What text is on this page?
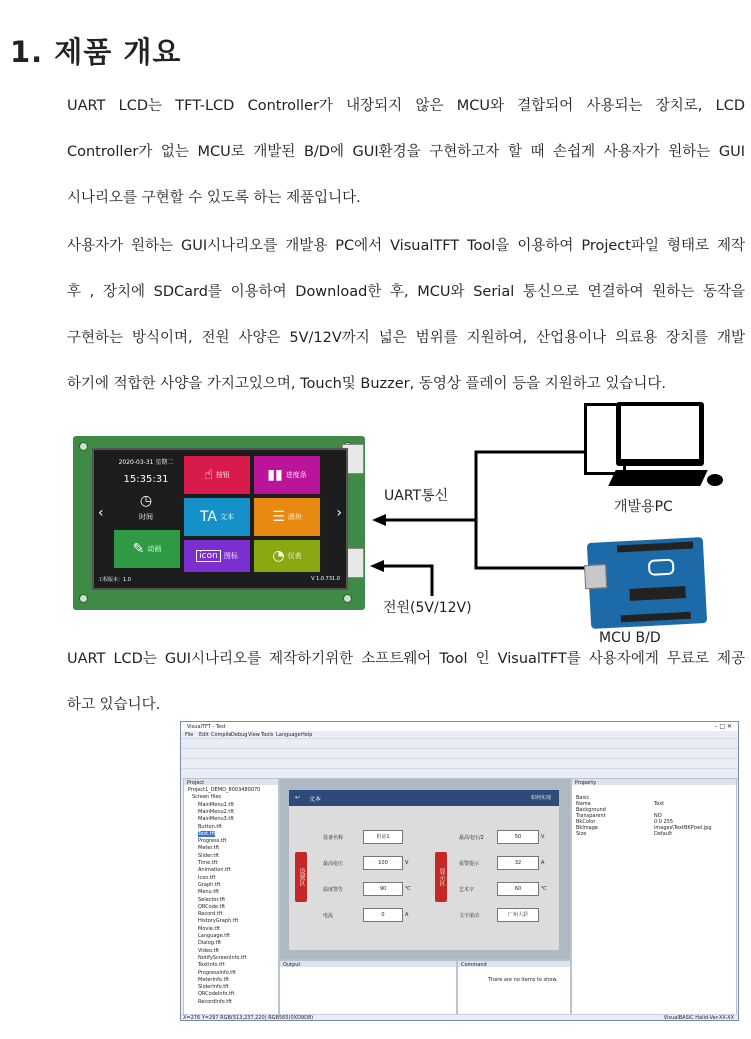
1. 제품 개요
UART LCD는 TFT-LCD Controller가 내장되지 않은 MCU와 결합되어 사용되는 장치로, LCD
Controller가 없는 MCU로 개발된 B/D에 GUI환경을 구현하고자 할 때 손쉽게 사용자가 원하는 GUI
시나리오를 구현할 수 있도록 하는 제품입니다.
사용자가 원하는 GUI시나리오를 개발용 PC에서 VisualTFT Tool을 이용하여 Project파일 형태로 제작
후 , 장치에 SDCard를 이용하여 Download한 후, MCU와 Serial 통신으로 연결하여 원하는 동작을
구현하는 방식이며, 전원 사양은 5V/12V까지 넓은 범위를 지원하여, 산업용이나 의료용 장치를 개발
하기에 적합한 사양을 가지고있으며, Touch및 Buzzer, 동영상 플레이 등을 지원하고 있습니다.
‹	›
2020-03-31 星期二
15:35:31
◷
时间
☝ 按钮	▮▮ 进度条
TA 文本	☰ 滑块
✎ 动画
icon 图标 ◔ 仪表
工程版本：1.0	V 1.0.731.0
UART통신
전원(5V/12V)
개발용PC
MCU B/D
UART LCD는 GUI시나리오를 제작하기위한 소프트웨어 Tool 인 VisualTFT를 사용자에게 무료로 제공
하고 있습니다.
VisualTFT - Test	– □ ✕
File Edit Compile Debug View Tools Language Help
Project
Project1_DEMO_8003480070
Screen files
MainMenu1.tft
MainMenu2.tft
MainMenu3.tft
Button.tft
Text.tft
Progress.tft
Meter.tft
Slider.tft
Time.tft
Animation.tft
Icon.tft
Graph.tft
Menu.tft
Selector.tft
QRCode.tft
Record.tft
HistoryGraph.tft
Movie.tft
Language.tft
Dialog.tft
Video.tft
NotifyScreenInfo.tft
TextInfo.tft
ProgressInfo.tft
MeterInfo.tft
SliderInfo.tft
QRCodeInfo.tft
RecordInfo.tft
↩ 文本	如何实现
设置区	显示区
设备名称	机房1	最高电压/2	50	V
最高电压	100	V	报警提示	32	A
温度警告	90	℃	艺术字	60	℃
电流	0	A	文字滚动	广州大彩
Property
Basic
Name	Text
Background
Transparent	NO
BkColor	0 0 255
BkImage	images\TextBKPixel.jpg
Size	Default
Output	Command
There are no items to show.
X=276 Y=297 RGB(513,237,220) RGB565(0XD9D8)	VisualBASIC Halid-Ver-XX-XX
